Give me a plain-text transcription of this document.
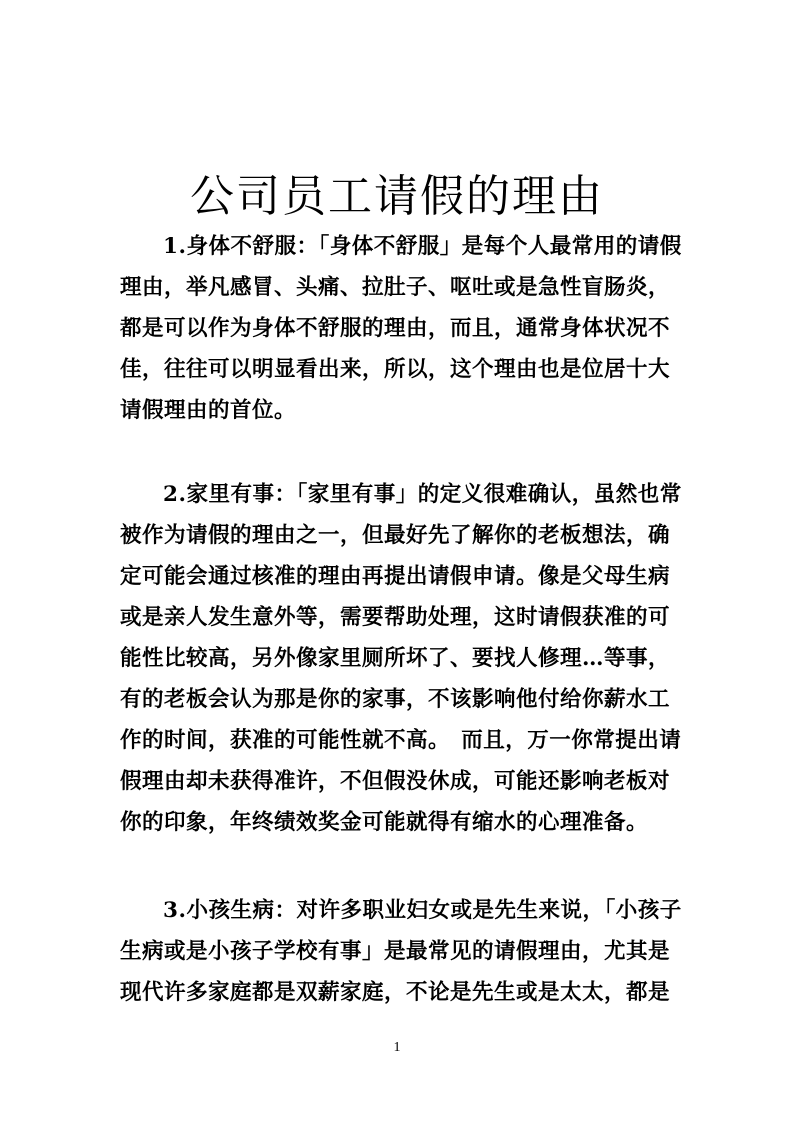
公司员工请假的理由
1.身体不舒服：「身体不舒服」是每个人最常用的请假
理由，举凡感冒、头痛、拉肚子、呕吐或是急性盲肠炎，
都是可以作为身体不舒服的理由，而且，通常身体状况不
佳，往往可以明显看出来，所以，这个理由也是位居十大
请假理由的首位。
2.家里有事：「家里有事」的定义很难确认，虽然也常
被作为请假的理由之一，但最好先了解你的老板想法，确
定可能会通过核准的理由再提出请假申请。像是父母生病
或是亲人发生意外等，需要帮助处理，这时请假获准的可
能性比较高，另外像家里厕所坏了、要找人修理…等事，
有的老板会认为那是你的家事，不该影响他付给你薪水工
作的时间，获准的可能性就不高。　而且，万一你常提出请
假理由却未获得准许，不但假没休成，可能还影响老板对
你的印象，年终绩效奖金可能就得有缩水的心理准备。
3.小孩生病：对许多职业妇女或是先生来说，「小孩子
生病或是小孩子学校有事」是最常见的请假理由，尤其是
现代许多家庭都是双薪家庭，不论是先生或是太太，都是
1
